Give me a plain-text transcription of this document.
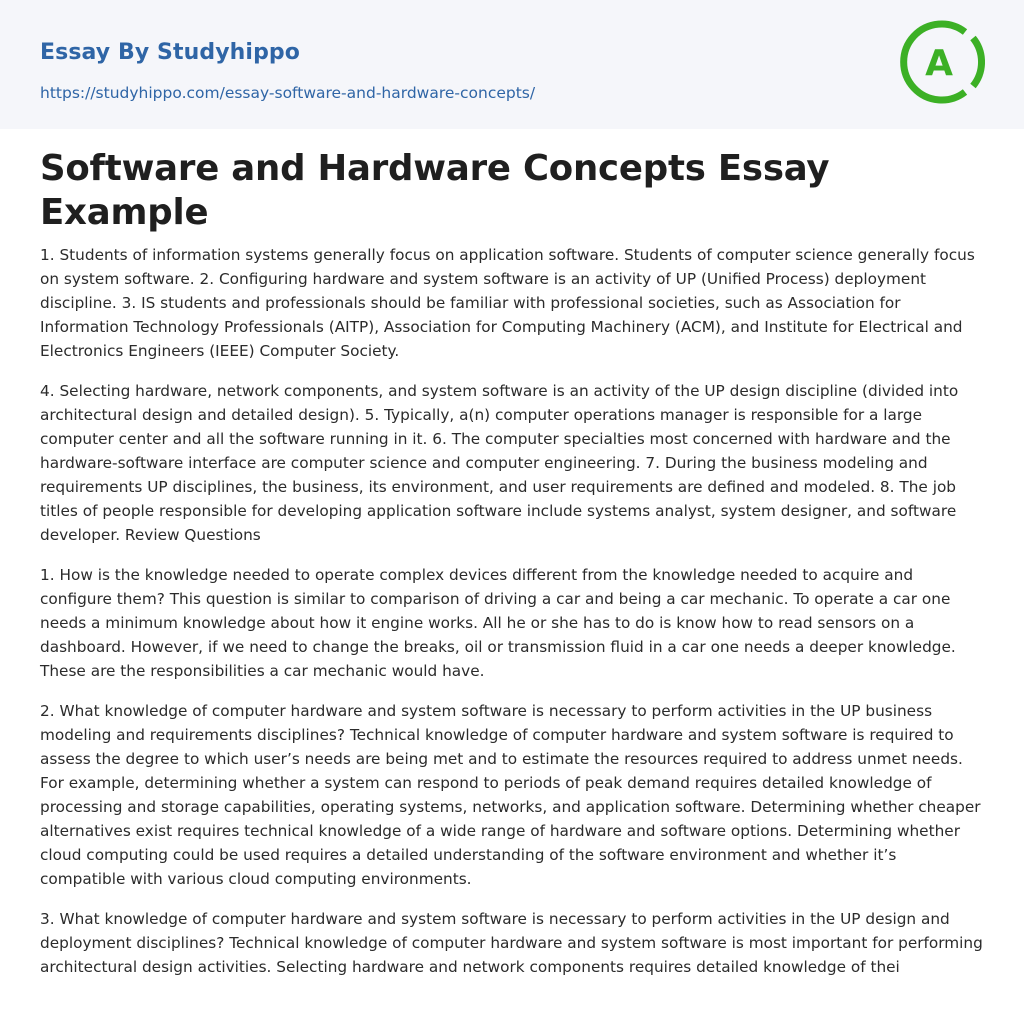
Essay By Studyhippo
https://studyhippo.com/essay-software-and-hardware-concepts/
A
Software and Hardware Concepts Essay Example

1. Students of information systems generally focus on application software. Students of computer science generally focus on system software. 2. Configuring hardware and system software is an activity of UP (Unified Process) deployment discipline. 3. IS students and professionals should be familiar with professional societies, such as Association for Information Technology Professionals (AITP), Association for Computing Machinery (ACM), and Institute for Electrical and Electronics Engineers (IEEE) Computer Society.

4. Selecting hardware, network components, and system software is an activity of the UP design discipline (divided into architectural design and detailed design). 5. Typically, a(n) computer operations manager is responsible for a large computer center and all the software running in it. 6. The computer specialties most concerned with hardware and the hardware-software interface are computer science and computer engineering. 7. During the business modeling and requirements UP disciplines, the business, its environment, and user requirements are defined and modeled. 8. The job titles of people responsible for developing application software include systems analyst, system designer, and software developer. Review Questions

1. How is the knowledge needed to operate complex devices different from the knowledge needed to acquire and configure them? This question is similar to comparison of driving a car and being a car mechanic. To operate a car one needs a minimum knowledge about how it engine works. All he or she has to do is know how to read sensors on a dashboard. However, if we need to change the breaks, oil or transmission fluid in a car one needs a deeper knowledge. These are the responsibilities a car mechanic would have.

2. What knowledge of computer hardware and system software is necessary to perform activities in the UP business modeling and requirements disciplines? Technical knowledge of computer hardware and system software is required to assess the degree to which user’s needs are being met and to estimate the resources required to address unmet needs. For example, determining whether a system can respond to periods of peak demand requires detailed knowledge of processing and storage capabilities, operating systems, networks, and application software. Determining whether cheaper alternatives exist requires technical knowledge of a wide range of hardware and software options. Determining whether cloud computing could be used requires a detailed understanding of the software environment and whether it’s compatible with various cloud computing environments.

3. What knowledge of computer hardware and system software is necessary to perform activities in the UP design and deployment disciplines? Technical knowledge of computer hardware and system software is most important for performing architectural design activities. Selecting hardware and network components requires detailed knowledge of thei
